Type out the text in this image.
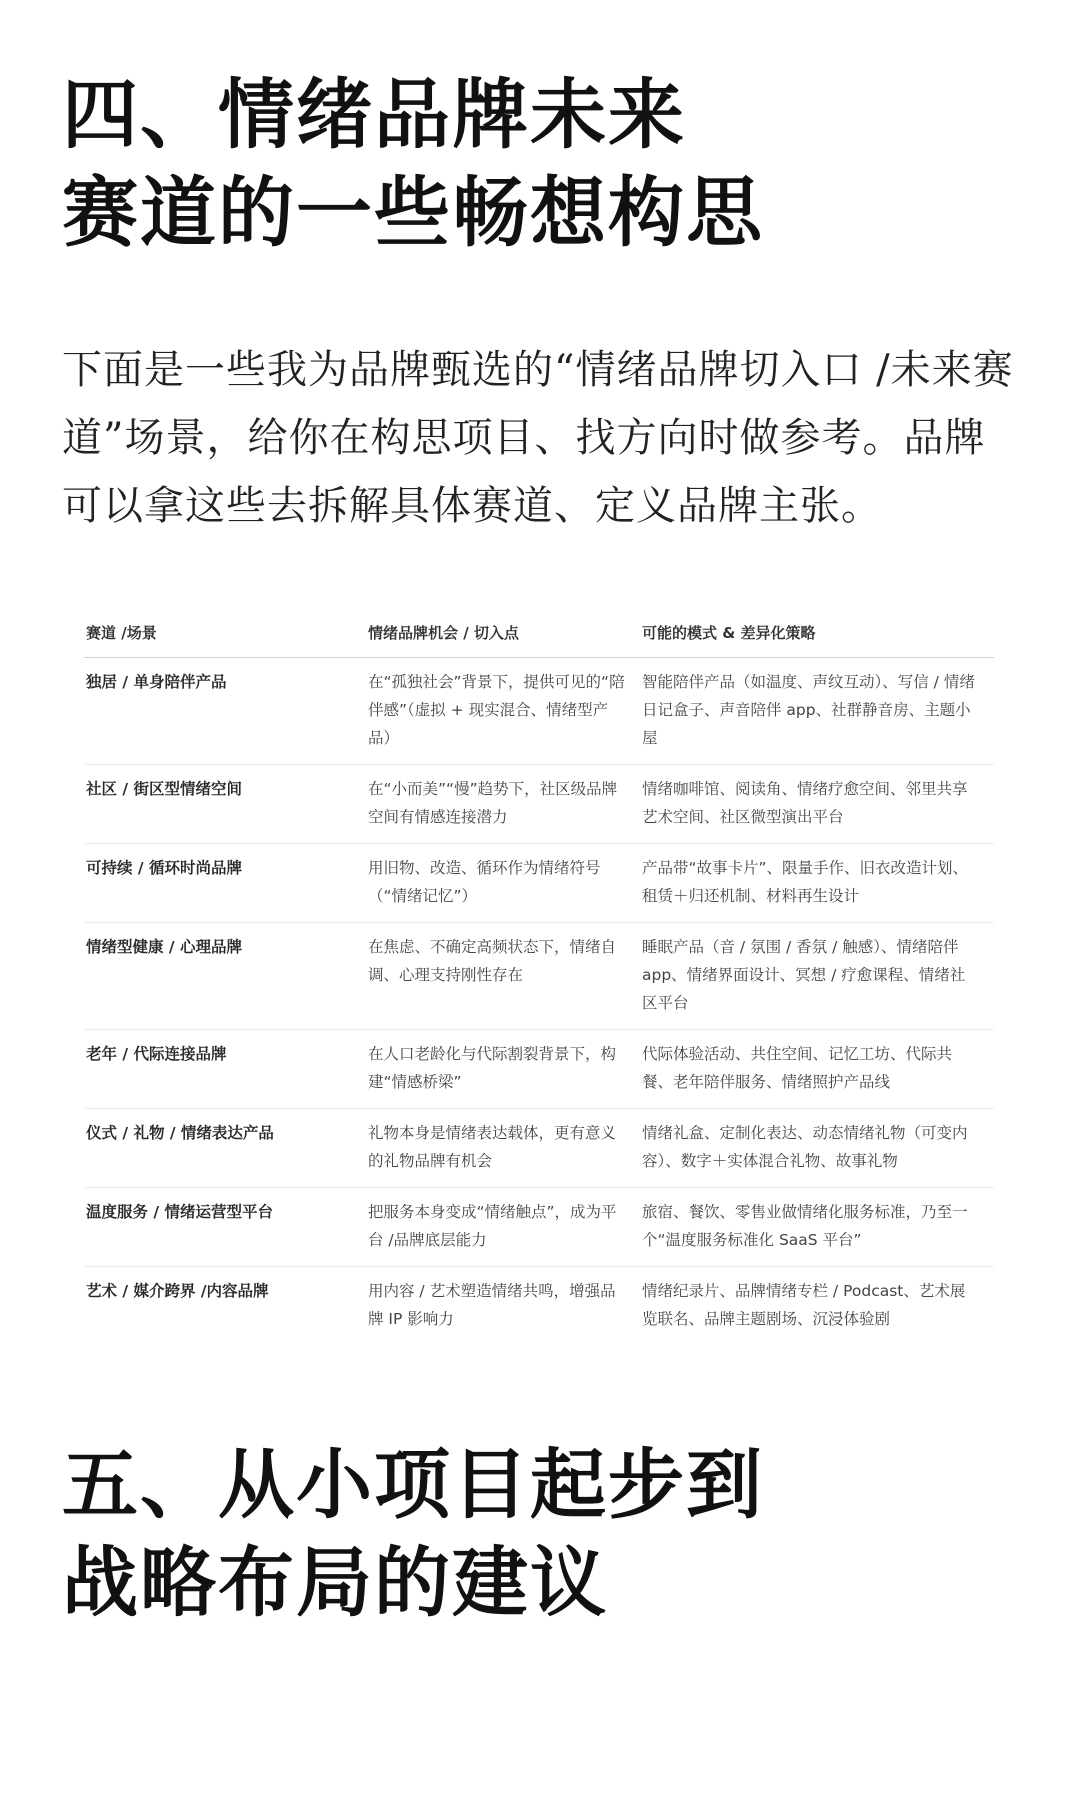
四、情绪品牌未来
赛道的一些畅想构思

下面是一些我为品牌甄选的“情绪品牌切入口 /未来赛道”场景，给你在构思项目、找方向时做参考。品牌可以拿这些去拆解具体赛道、定义品牌主张。

赛道 /场景	情绪品牌机会 / 切入点	可能的模式 & 差异化策略
独居 / 单身陪伴产品	在“孤独社会”背景下，提供可见的“陪伴感”（虚拟 + 现实混合、情绪型产品）	智能陪伴产品（如温度、声纹互动）、写信 / 情绪日记盒子、声音陪伴 app、社群静音房、主题小屋
社区 / 街区型情绪空间	在“小而美”“慢”趋势下，社区级品牌空间有情感连接潜力	情绪咖啡馆、阅读角、情绪疗愈空间、邻里共享艺术空间、社区微型演出平台
可持续 / 循环时尚品牌	用旧物、改造、循环作为情绪符号（“情绪记忆”）	产品带“故事卡片”、限量手作、旧衣改造计划、租赁＋归还机制、材料再生设计
情绪型健康 / 心理品牌	在焦虑、不确定高频状态下，情绪自调、心理支持刚性存在	睡眠产品（音 / 氛围 / 香氛 / 触感）、情绪陪伴 app、情绪界面设计、冥想 / 疗愈课程、情绪社区平台
老年 / 代际连接品牌	在人口老龄化与代际割裂背景下，构建“情感桥梁”	代际体验活动、共住空间、记忆工坊、代际共餐、老年陪伴服务、情绪照护产品线
仪式 / 礼物 / 情绪表达产品	礼物本身是情绪表达载体，更有意义的礼物品牌有机会	情绪礼盒、定制化表达、动态情绪礼物（可变内容）、数字＋实体混合礼物、故事礼物
温度服务 / 情绪运营型平台	把服务本身变成“情绪触点”，成为平台 /品牌底层能力	旅宿、餐饮、零售业做情绪化服务标准，乃至一个“温度服务标准化 SaaS 平台”
艺术 / 媒介跨界 /内容品牌	用内容 / 艺术塑造情绪共鸣，增强品牌 IP 影响力	情绪纪录片、品牌情绪专栏 / Podcast、艺术展览联名、品牌主题剧场、沉浸体验剧
五、从小项目起步到
战略布局的建议
